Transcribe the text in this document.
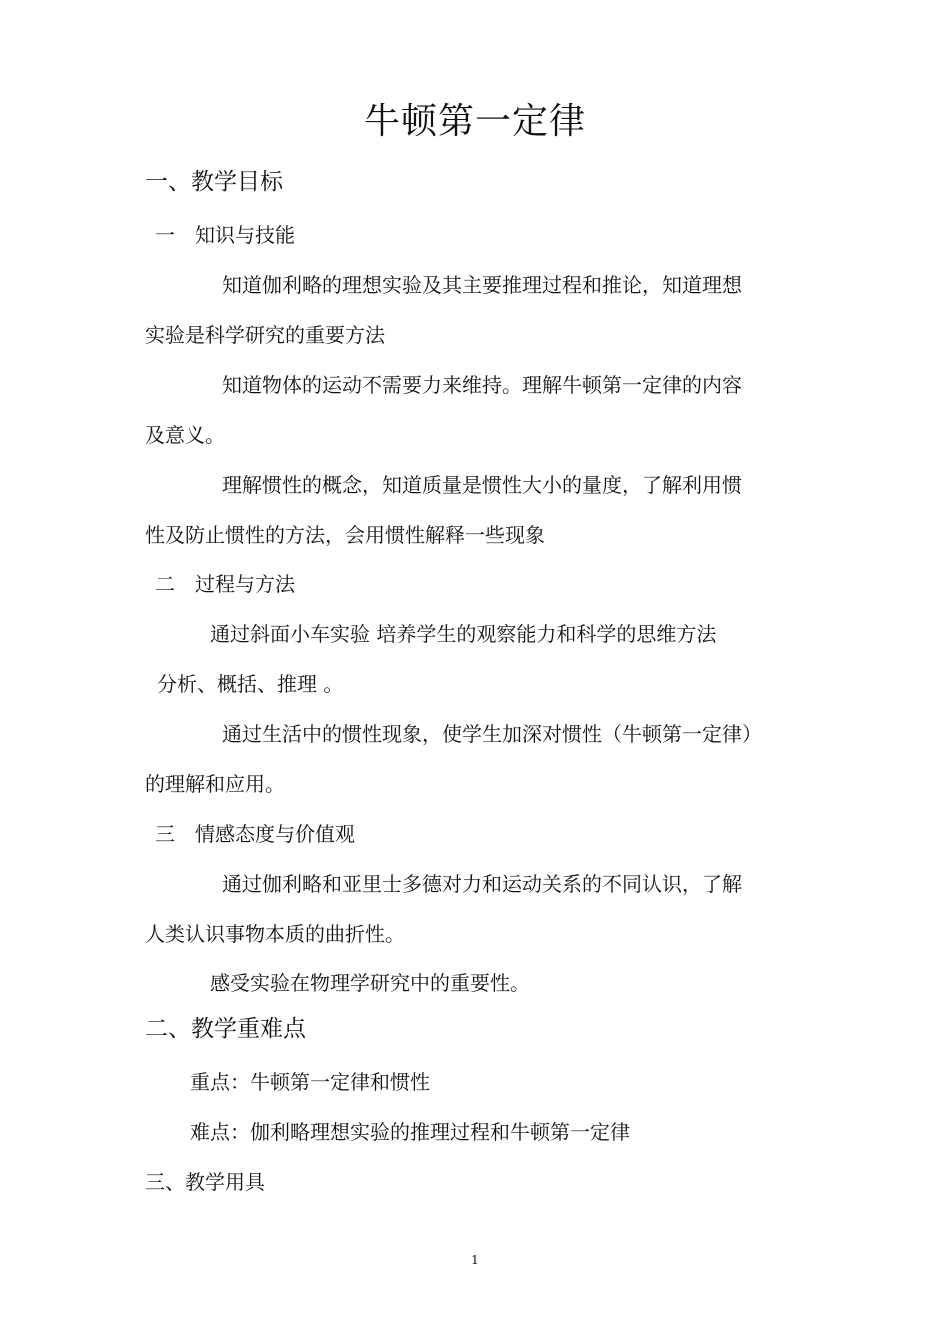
牛顿第一定律
一、教学目标
一　知识与技能
知道伽利略的理想实验及其主要推理过程和推论，知道理想
实验是科学研究的重要方法
知道物体的运动不需要力来维持。理解牛顿第一定律的内容
及意义。
理解惯性的概念，知道质量是惯性大小的量度，了解利用惯
性及防止惯性的方法，会用惯性解释一些现象
二　过程与方法
通过斜面小车实验 培养学生的观察能力和科学的思维方法
分析、概括、推理 。
通过生活中的惯性现象，使学生加深对惯性（牛顿第一定律）
的理解和应用。
三　情感态度与价值观
通过伽利略和亚里士多德对力和运动关系的不同认识，了解
人类认识事物本质的曲折性。
感受实验在物理学研究中的重要性。
二、教学重难点
重点：牛顿第一定律和惯性
难点：伽利略理想实验的推理过程和牛顿第一定律
三、教学用具
1
